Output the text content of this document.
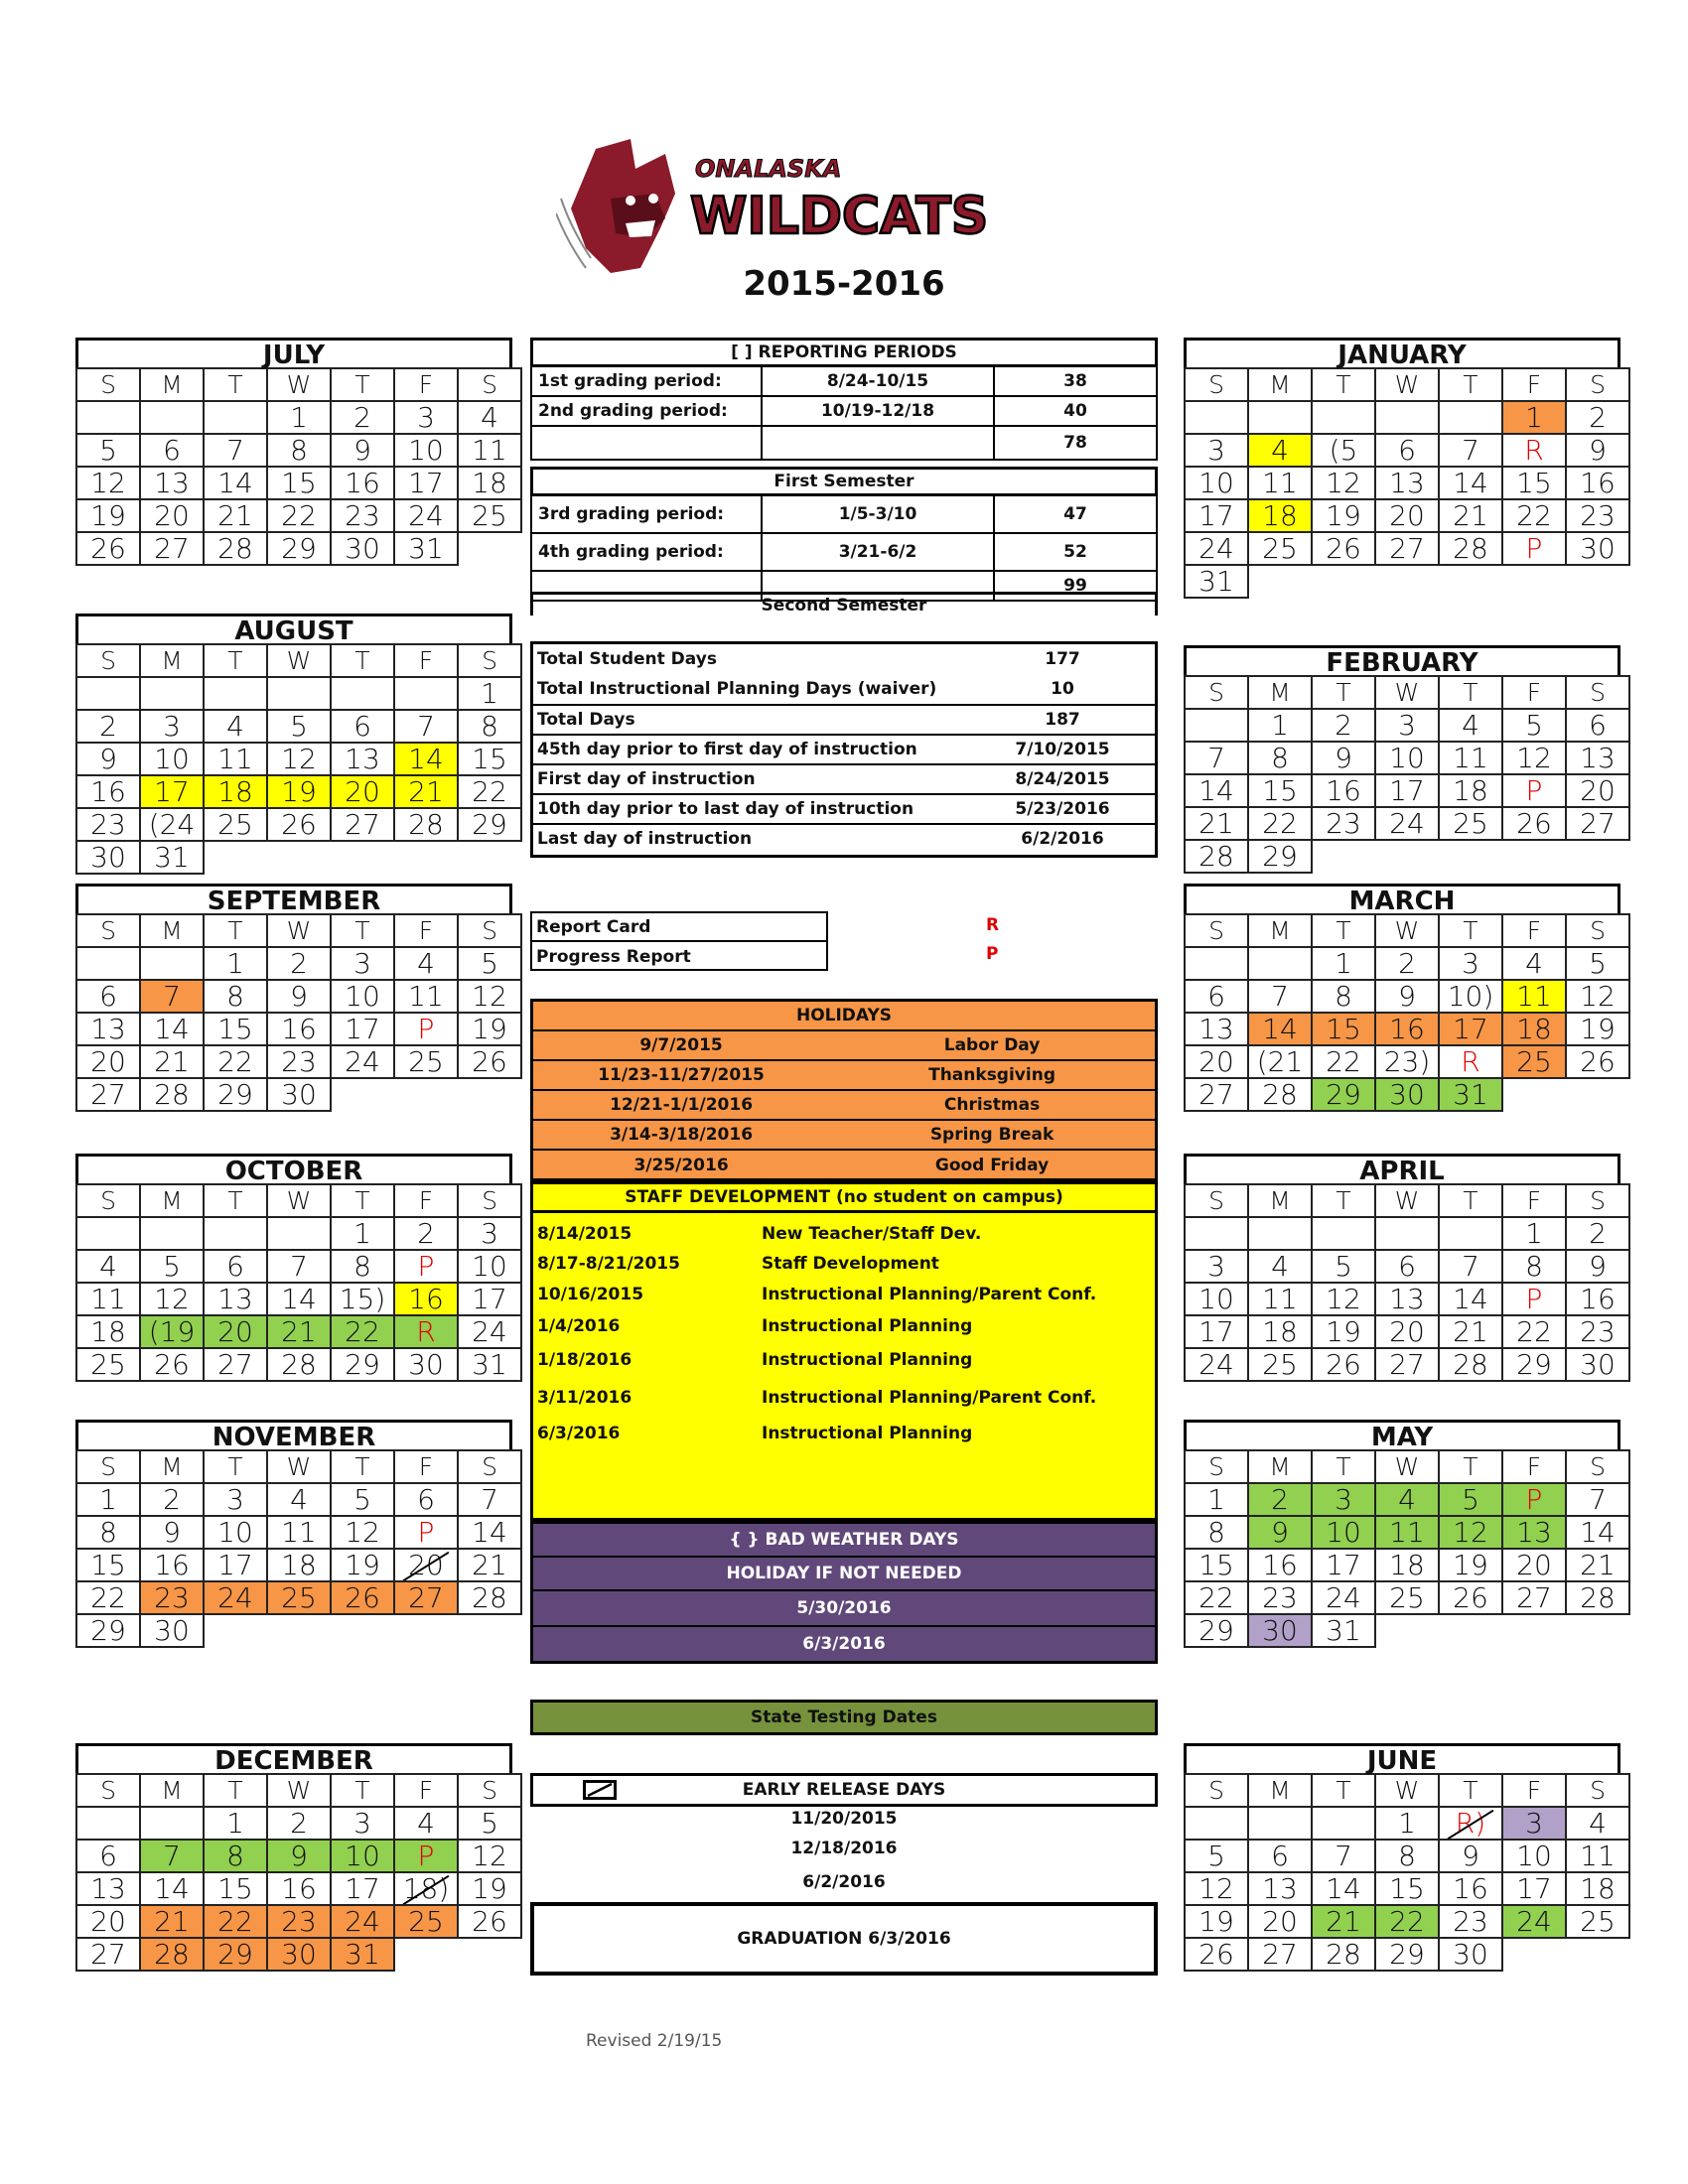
ONALASKA
WILDCATS
2015-2016
JULY
S	M	T	W	T	F	S
			1	2	3	4
5	6	7	8	9	10	11
12	13	14	15	16	17	18
19	20	21	22	23	24	25
26	27	28	29	30	31	
AUGUST
S	M	T	W	T	F	S
						1
2	3	4	5	6	7	8
9	10	11	12	13	14	15
16	17	18	19	20	21	22
23	(24	25	26	27	28	29
30	31					
SEPTEMBER
S	M	T	W	T	F	S
		1	2	3	4	5
6	7	8	9	10	11	12
13	14	15	16	17	P	19
20	21	22	23	24	25	26
27	28	29	30			
OCTOBER
S	M	T	W	T	F	S
				1	2	3
4	5	6	7	8	P	10
11	12	13	14	15)	16	17
18	(19	20	21	22	R	24
25	26	27	28	29	30	31
NOVEMBER
S	M	T	W	T	F	S
1	2	3	4	5	6	7
8	9	10	11	12	P	14
15	16	17	18	19	20	21
22	23	24	25	26	27	28
29	30					
DECEMBER
S	M	T	W	T	F	S
		1	2	3	4	5
6	7	8	9	10	P	12
13	14	15	16	17	18)	19
20	21	22	23	24	25	26
27	28	29	30	31		
JANUARY
S	M	T	W	T	F	S
					1	2
3	4	(5	6	7	R	9
10	11	12	13	14	15	16
17	18	19	20	21	22	23
24	25	26	27	28	P	30
31						
FEBRUARY
S	M	T	W	T	F	S
	1	2	3	4	5	6
7	8	9	10	11	12	13
14	15	16	17	18	P	20
21	22	23	24	25	26	27
28	29					
MARCH
S	M	T	W	T	F	S
		1	2	3	4	5
6	7	8	9	10)	11	12
13	14	15	16	17	18	19
20	(21	22	23)	R	25	26
27	28	29	30	31		
APRIL
S	M	T	W	T	F	S
					1	2
3	4	5	6	7	8	9
10	11	12	13	14	P	16
17	18	19	20	21	22	23
24	25	26	27	28	29	30
MAY
S	M	T	W	T	F	S
1	2	3	4	5	P	7
8	9	10	11	12	13	14
15	16	17	18	19	20	21
22	23	24	25	26	27	28
29	30	31				
JUNE
S	M	T	W	T	F	S
			1	R)	3	4
5	6	7	8	9	10	11
12	13	14	15	16	17	18
19	20	21	22	23	24	25
26	27	28	29	30		
[ ] REPORTING PERIODS
1st grading period:	8/24-10/15	38
2nd grading period:	10/19-12/18	40
78
First Semester
3rd grading period:	1/5-3/10	47
4th grading period:	3/21-6/2	52
99
Second Semester
Total Student Days	177
Total Instructional Planning Days (waiver)	10
Total Days	187
45th day prior to first day of instruction	7/10/2015
First day of instruction	8/24/2015
10th day prior to last day of instruction	5/23/2016
Last day of instruction	6/2/2016
Report Card
Progress Report
R
P
HOLIDAYS
9/7/2015	Labor Day
11/23-11/27/2015	Thanksgiving
12/21-1/1/2016	Christmas
3/14-3/18/2016	Spring Break
3/25/2016	Good Friday
STAFF DEVELOPMENT (no student on campus)
8/14/2015	New Teacher/Staff Dev.
8/17-8/21/2015	Staff Development
10/16/2015	Instructional Planning/Parent Conf.
1/4/2016	Instructional Planning
1/18/2016	Instructional Planning
3/11/2016	Instructional Planning/Parent Conf.
6/3/2016	Instructional Planning
{ } BAD WEATHER DAYS
HOLIDAY IF NOT NEEDED
5/30/2016
6/3/2016
State Testing Dates
EARLY RELEASE DAYS
11/20/2015
12/18/2016
6/2/2016
GRADUATION 6/3/2016
Revised 2/19/15
